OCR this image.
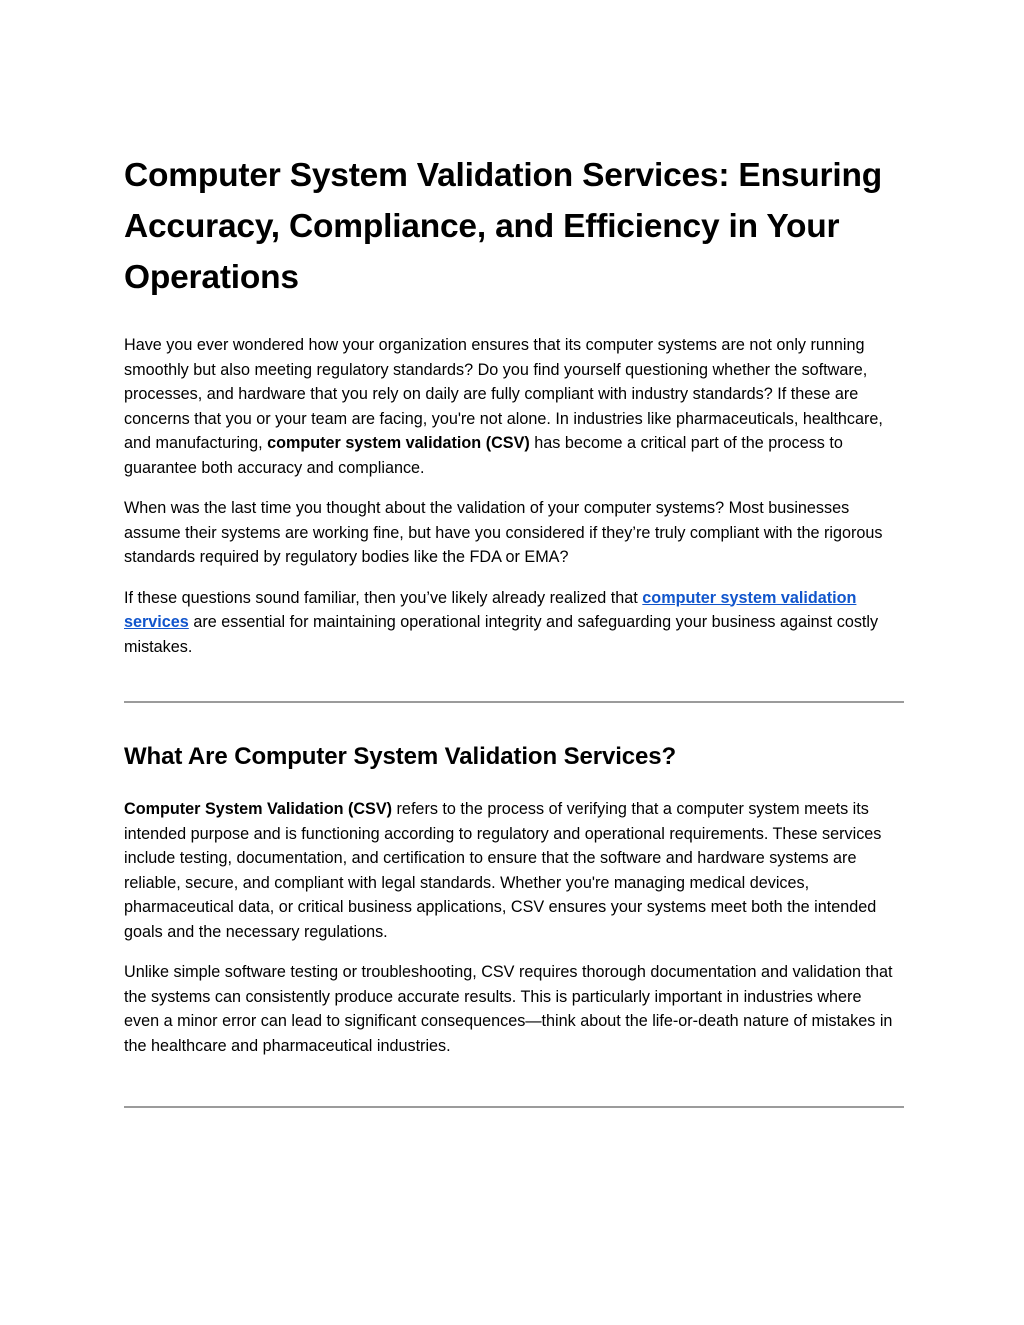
Computer System Validation Services: Ensuring Accuracy, Compliance, and Efficiency in Your Operations

Have you ever wondered how your organization ensures that its computer systems are not only running smoothly but also meeting regulatory standards? Do you find yourself questioning whether the software, processes, and hardware that you rely on daily are fully compliant with industry standards? If these are concerns that you or your team are facing, you're not alone. In industries like pharmaceuticals, healthcare, and manufacturing, computer system validation (CSV) has become a critical part of the process to guarantee both accuracy and compliance.

When was the last time you thought about the validation of your computer systems? Most businesses assume their systems are working fine, but have you considered if they’re truly compliant with the rigorous standards required by regulatory bodies like the FDA or EMA?

If these questions sound familiar, then you’ve likely already realized that computer system validation services are essential for maintaining operational integrity and safeguarding your business against costly mistakes.

What Are Computer System Validation Services?

Computer System Validation (CSV) refers to the process of verifying that a computer system meets its intended purpose and is functioning according to regulatory and operational requirements. These services include testing, documentation, and certification to ensure that the software and hardware systems are reliable, secure, and compliant with legal standards. Whether you're managing medical devices, pharmaceutical data, or critical business applications, CSV ensures your systems meet both the intended goals and the necessary regulations.

Unlike simple software testing or troubleshooting, CSV requires thorough documentation and validation that the systems can consistently produce accurate results. This is particularly important in industries where even a minor error can lead to significant consequences—think about the life-or-death nature of mistakes in the healthcare and pharmaceutical industries.
